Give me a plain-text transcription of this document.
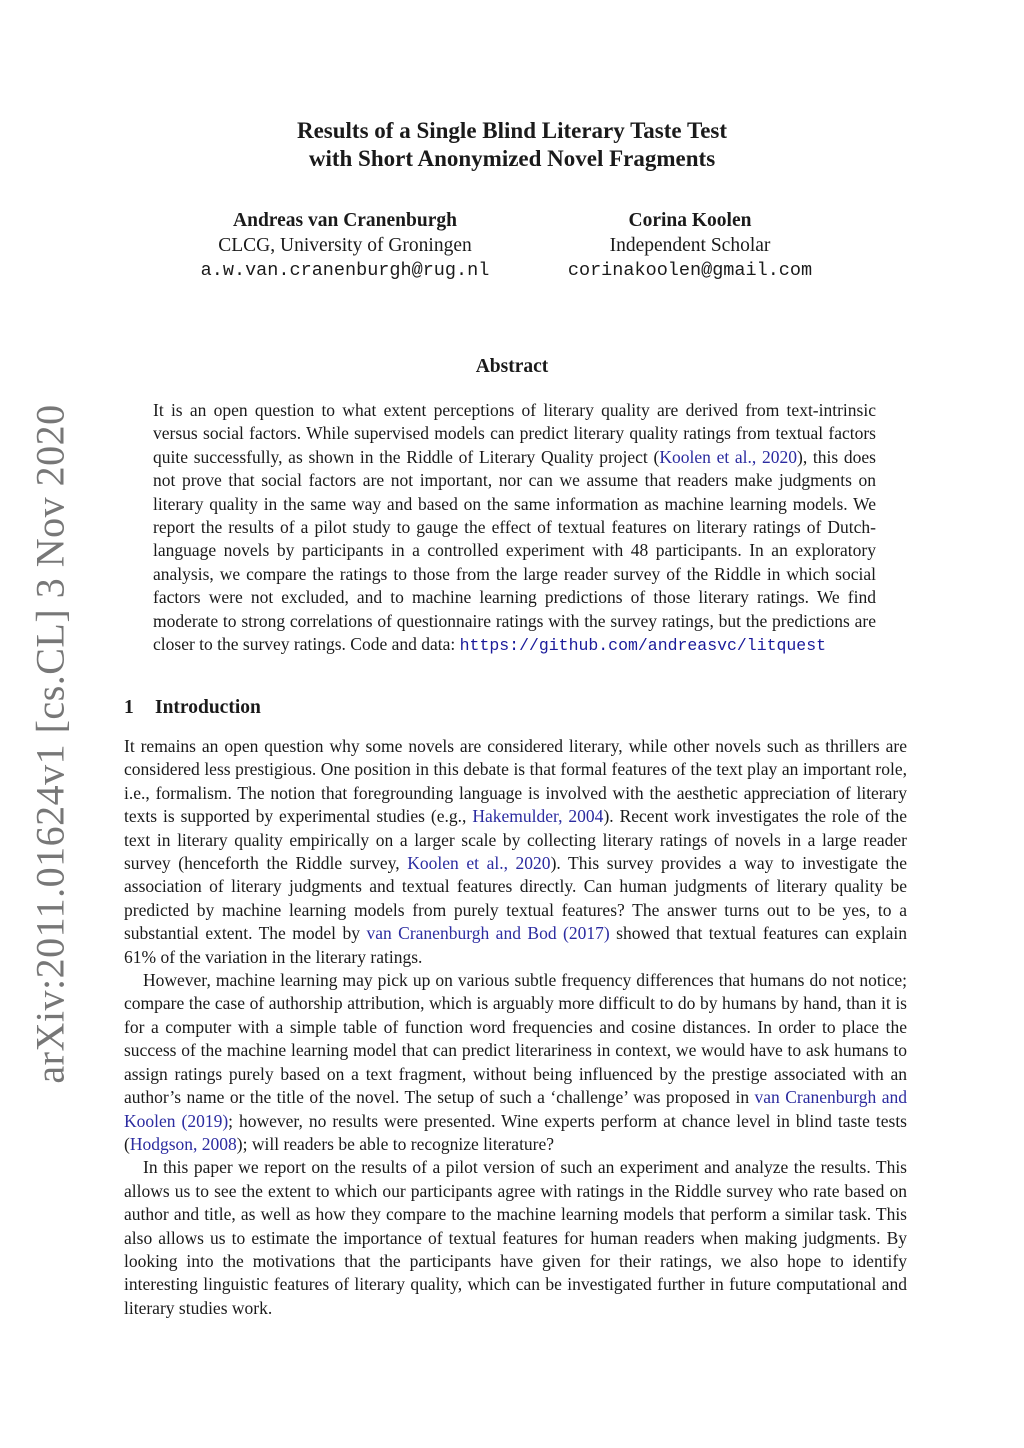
arXiv:2011.01624v1 [cs.CL] 3 Nov 2020
Results of a Single Blind Literary Taste Test
with Short Anonymized Novel Fragments
Andreas van Cranenburgh
CLCG, University of Groningen
a.w.van.cranenburgh@rug.nl
Corina Koolen
Independent Scholar
corinakoolen@gmail.com
Abstract
It is an open question to what extent perceptions of literary quality are derived from text-intrinsic versus social factors. While supervised models can predict literary quality ratings from textual factors quite successfully, as shown in the Riddle of Literary Quality project (Koolen et al., 2020), this does not prove that social factors are not important, nor can we assume that readers make judgments on literary quality in the same way and based on the same information as machine learning models. We report the results of a pilot study to gauge the effect of textual features on literary ratings of Dutch-language novels by participants in a controlled experiment with 48 participants. In an exploratory analysis, we compare the ratings to those from the large reader survey of the Riddle in which social factors were not excluded, and to machine learning predictions of those literary ratings. We find moderate to strong correlations of questionnaire ratings with the survey ratings, but the predictions are closer to the survey ratings. Code and data: https://github.com/andreasvc/litquest
1 Introduction

It remains an open question why some novels are considered literary, while other novels such as thrillers are considered less prestigious. One position in this debate is that formal features of the text play an important role, i.e., formalism. The notion that foregrounding language is involved with the aesthetic appreciation of literary texts is supported by experimental studies (e.g., Hakemulder, 2004). Recent work investigates the role of the text in literary quality empirically on a larger scale by collecting literary ratings of novels in a large reader survey (henceforth the Riddle survey, Koolen et al., 2020). This survey provides a way to investigate the association of literary judgments and textual features directly. Can human judgments of literary quality be predicted by machine learning models from purely textual features? The answer turns out to be yes, to a substantial extent. The model by van Cranenburgh and Bod (2017) showed that textual features can explain 61% of the variation in the literary ratings.

However, machine learning may pick up on various subtle frequency differences that humans do not notice; compare the case of authorship attribution, which is arguably more difficult to do by humans by hand, than it is for a computer with a simple table of function word frequencies and cosine distances. In order to place the success of the machine learning model that can predict literariness in context, we would have to ask humans to assign ratings purely based on a text fragment, without being influenced by the prestige associated with an author’s name or the title of the novel. The setup of such a ‘challenge’ was proposed in van Cranenburgh and Koolen (2019); however, no results were presented. Wine experts perform at chance level in blind taste tests (Hodgson, 2008); will readers be able to recognize literature?

In this paper we report on the results of a pilot version of such an experiment and analyze the results. This allows us to see the extent to which our participants agree with ratings in the Riddle survey who rate based on author and title, as well as how they compare to the machine learning models that perform a similar task. This also allows us to estimate the importance of textual features for human readers when making judgments. By looking into the motivations that the participants have given for their ratings, we also hope to identify interesting linguistic features of literary quality, which can be investigated further in future computational and literary studies work.
